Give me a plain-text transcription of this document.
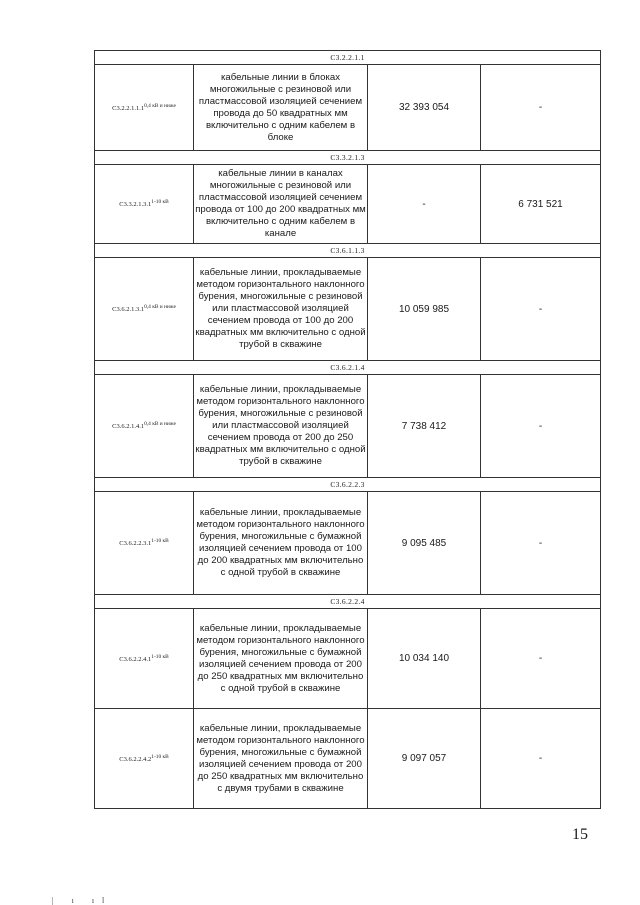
С3.2.2.1.1			
$С3.2.2.1.1.1^{0,4 кВ и ниже}$	кабельные линии в блоках многожильные с резиновой или пластмассовой изоляцией сечением провода до 50 квадратных мм включительно с одним кабелем в блоке	32 393 054	-
С3.3.2.1.3			
$С3.3.2.1.3.1^{1-10 кВ}$	кабельные линии в каналах многожильные с резиновой или пластмассовой изоляцией сечением провода от 100 до 200 квадратных мм включительно с одним кабелем в канале	-	6 731 521
С3.6.1.1.3			
$С3.6.2.1.3.1^{0,4 кВ и ниже}$	кабельные линии, прокладываемые методом горизонтального наклонного бурения, многожильные с резиновой или пластмассовой изоляцией сечением провода от 100 до 200 квадратных мм включительно с одной трубой в скважине	10 059 985	-
С3.6.2.1.4			
$С3.6.2.1.4.1^{0,4 кВ и ниже}$	кабельные линии, прокладываемые методом горизонтального наклонного бурения, многожильные с резиновой или пластмассовой изоляцией сечением провода от 200 до 250 квадратных мм включительно с одной трубой в скважине	7 738 412	-
С3.6.2.2.3			
$С3.6.2.2.3.1^{1-10 кВ}$	кабельные линии, прокладываемые методом горизонтального наклонного бурения, многожильные с бумажной изоляцией сечением провода от 100 до 200 квадратных мм включительно с одной трубой в скважине	9 095 485	-
С3.6.2.2.4			
$С3.6.2.2.4.1^{1-10 кВ}$	кабельные линии, прокладываемые методом горизонтального наклонного бурения, многожильные с бумажной изоляцией сечением провода от 200 до 250 квадратных мм включительно с одной трубой в скважине	10 034 140	-
$С3.6.2.2.4.2^{1-10 кВ}$	кабельные линии, прокладываемые методом горизонтального наклонного бурения, многожильные с бумажной изоляцией сечением провода от 200 до 250 квадратных мм включительно с двумя трубами в скважине	9 097 057	-
15
| ı ıl
